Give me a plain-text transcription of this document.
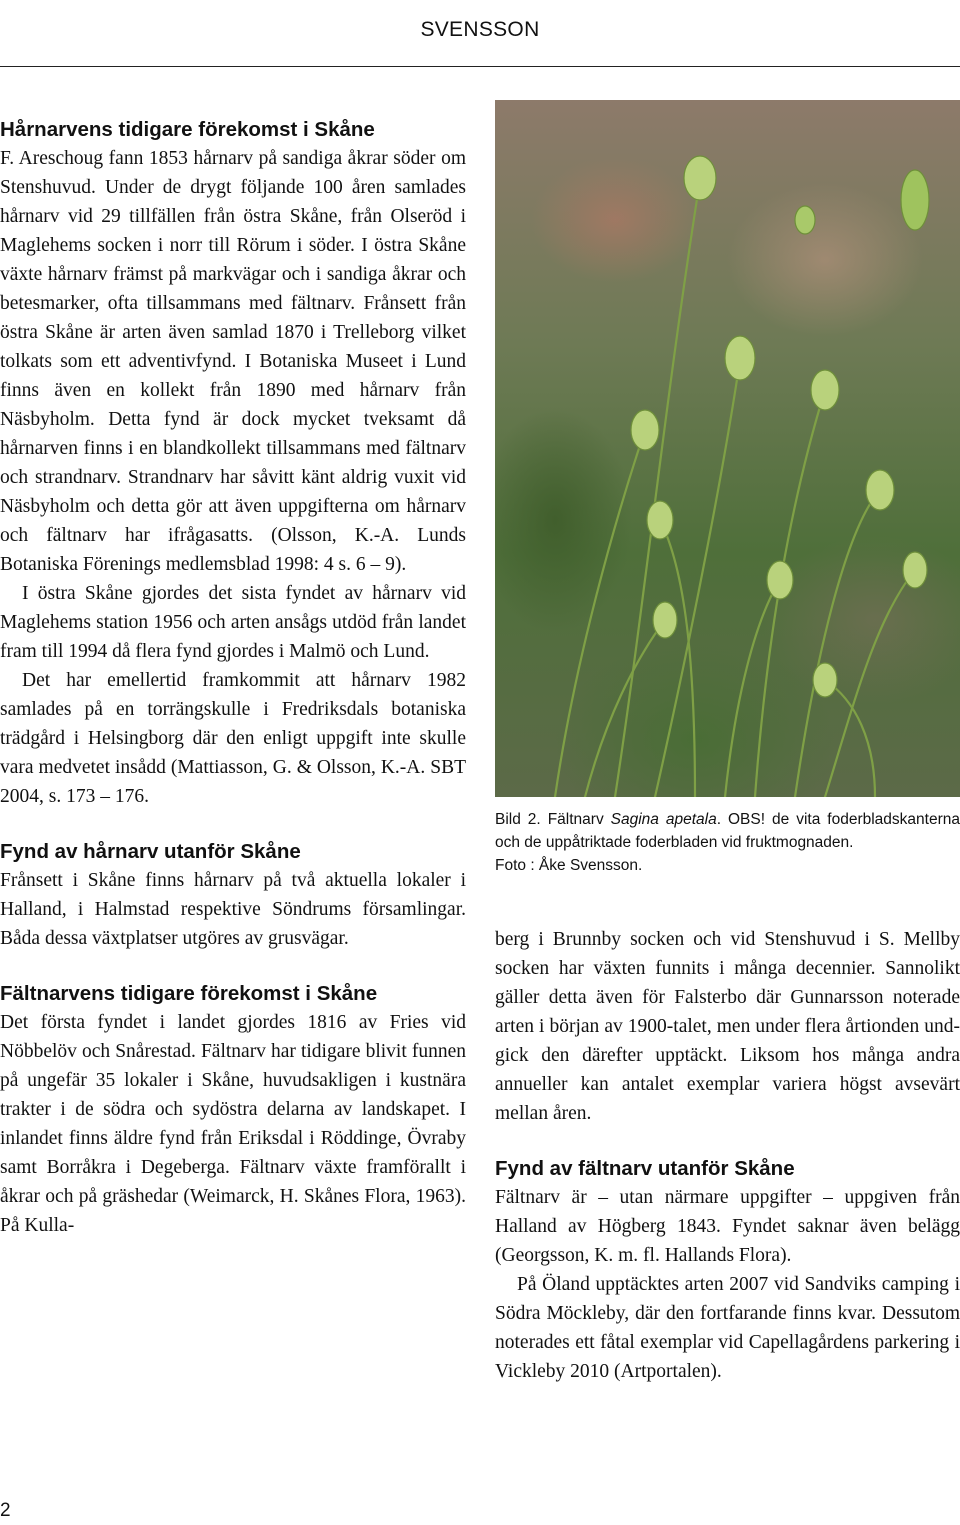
SVENSSON
Hårnarvens tidigare förekomst i Skåne

F. Areschoug fann 1853 hårnarv på sandiga åkrar söder om Stenshuvud. Under de drygt följande 100 åren samlades hårnarv vid 29 tillfällen från östra Skåne, från Olseröd i Maglehems socken i norr till Rörum i söder. I östra Skåne växte hårnarv främst på markvägar och i sandiga åkrar och betesmarker, ofta tillsammans med fältnarv. Frånsett från östra Skåne är arten även samlad 1870 i Trelleborg vilket tolkats som ett adventivfynd. I Botaniska Museet i Lund finns även en kollekt från 1890 med hårnarv från Näsbyholm. Detta fynd är dock mycket tveksamt då hårnarven finns i en blandkollekt tillsammans med fältnarv och strandnarv. Strandnarv har såvitt känt aldrig vuxit vid Näsbyholm och detta gör att även uppgifterna om hårnarv och fältnarv har ifrågasatts. (Olsson, K.-A. Lunds Botaniska Förenings medlemsblad 1998: 4 s. 6 – 9).

I östra Skåne gjordes det sista fyndet av hårnarv vid Maglehems station 1956 och arten ansågs utdöd från landet fram till 1994 då flera fynd gjordes i Malmö och Lund.

Det har emellertid framkommit att hårnarv 1982 samlades på en torrängskulle i Fredriksdals botaniska trädgård i Helsingborg där den enligt uppgift inte skulle vara medvetet insådd (Mattiasson, G. & Olsson, K.-A. SBT 2004, s. 173 – 176.

Fynd av hårnarv utanför Skåne

Frånsett i Skåne finns hårnarv på två aktuella lokaler i Halland, i Halmstad respektive Söndrums församlingar. Båda dessa växtplatser utgöres av grusvägar.

Fältnarvens tidigare förekomst i Skåne

Det första fyndet i landet gjordes 1816 av Fries vid Nöbbelöv och Snårestad. Fältnarv har tidigare blivit funnen på ungefär 35 lokaler i Skåne, huvudsakligen i kustnära trakter i de södra och sydöstra delarna av landskapet. I inlandet finns äldre fynd från Eriksdal i Röddinge, Övraby samt Borråkra i Degeberga. Fältnarv växte framförallt i åkrar och på gräshedar (Weimarck, H. Skånes Flora, 1963). På Kulla-

Bild 2. Fältnarv Sagina apetala. OBS! de vita foderbladskanterna och de uppåtriktade foderbladen vid fruktmognaden.
Foto : Åke Svensson.

berg i Brunnby socken och vid Stenshuvud i S. Mellby socken har växten funnits i många decennier. Sannolikt gäller detta även för Falsterbo där Gunnarsson noterade arten i början av 1900-talet, men under flera årtionden undgick den därefter upptäckt. Liksom hos många andra annueller kan antalet exemplar variera högst avsevärt mellan åren.

Fynd av fältnarv utanför Skåne

Fältnarv är – utan närmare uppgifter – uppgiven från Halland av Högberg 1843. Fyndet saknar även belägg (Georgsson, K. m. fl. Hallands Flora).

På Öland upptäcktes arten 2007 vid Sandviks camping i Södra Möckleby, där den fortfarande finns kvar. Dessutom noterades ett fåtal exemplar vid Capellagårdens parkering i Vickleby 2010 (Artportalen).

2
